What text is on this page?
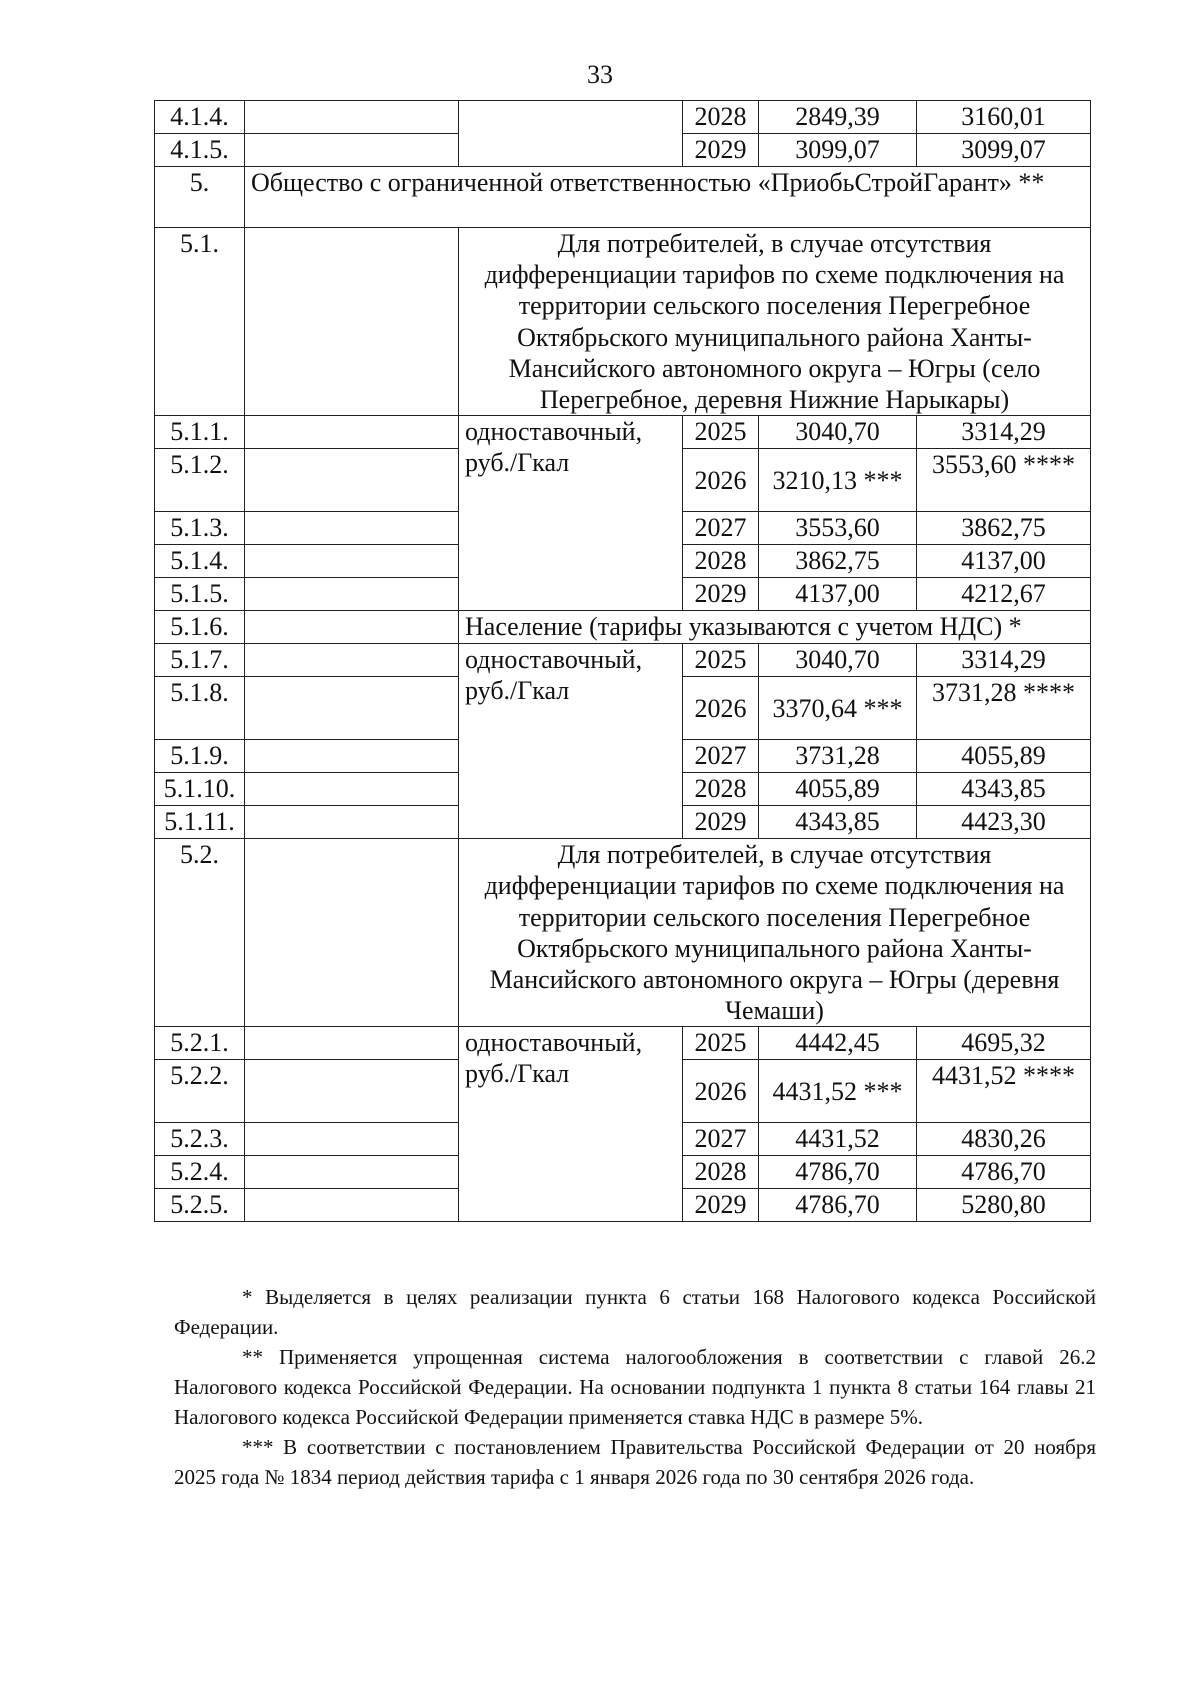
33
4.1.4.			2028	2849,39	3160,01
4.1.5.			2029	3099,07	3099,07
5.	Общество с ограниченной ответственностью «ПриобьСтройГарант» **				
5.1.		Для потребителей, в случае отсутствия дифференциации тарифов по схеме подключения на территории сельского поселения Перегребное Октябрьского муниципального района Ханты-Мансийского автономного округа – Югры (село Перегребное, деревня Нижние Нарыкары)			
5.1.1.		одноставочный, руб./Гкал	2025	3040,70	3314,29
5.1.2.			2026	3210,13 ***	3553,60 ****
5.1.3.			2027	3553,60	3862,75
5.1.4.			2028	3862,75	4137,00
5.1.5.			2029	4137,00	4212,67
5.1.6.		Население (тарифы указываются с учетом НДС) *			
5.1.7.		одноставочный, руб./Гкал	2025	3040,70	3314,29
5.1.8.			2026	3370,64 ***	3731,28 ****
5.1.9.			2027	3731,28	4055,89
5.1.10.			2028	4055,89	4343,85
5.1.11.			2029	4343,85	4423,30
5.2.		Для потребителей, в случае отсутствия дифференциации тарифов по схеме подключения на территории сельского поселения Перегребное Октябрьского муниципального района Ханты-Мансийского автономного округа – Югры (деревня Чемаши)			
5.2.1.		одноставочный, руб./Гкал	2025	4442,45	4695,32
5.2.2.			2026	4431,52 ***	4431,52 ****
5.2.3.			2027	4431,52	4830,26
5.2.4.			2028	4786,70	4786,70
5.2.5.			2029	4786,70	5280,80

* Выделяется в целях реализации пункта 6 статьи 168 Налогового кодекса Российской Федерации.

** Применяется упрощенная система налогообложения в соответствии с главой 26.2 Налогового кодекса Российской Федерации. На основании подпункта 1 пункта 8 статьи 164 главы 21 Налогового кодекса Российской Федерации применяется ставка НДС в размере 5%.

*** В соответствии с постановлением Правительства Российской Федерации от 20 ноября 2025 года № 1834 период действия тарифа с 1 января 2026 года по 30 сентября 2026 года.
